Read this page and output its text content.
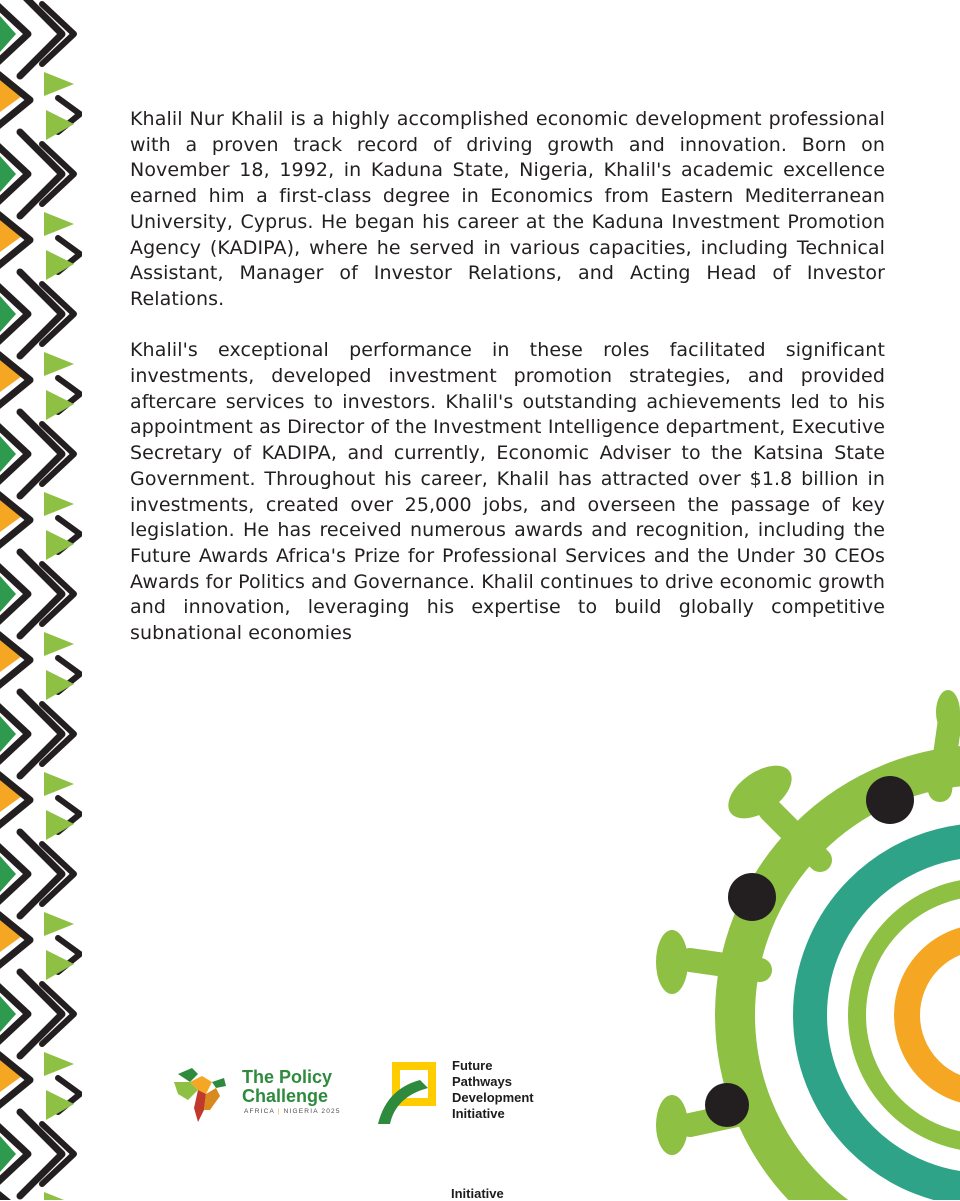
Khalil Nur Khalil is a highly accomplished economic development professional with a proven track record of driving growth and innovation. Born on November 18, 1992, in Kaduna State, Nigeria, Khalil's academic excellence earned him a first-class degree in Economics from Eastern Mediterranean University, Cyprus. He began his career at the Kaduna Investment Promotion Agency (KADIPA), where he served in various capacities, including Technical Assistant, Manager of Investor Relations, and Acting Head of Investor Relations.

Khalil's exceptional performance in these roles facilitated significant investments, developed investment promotion strategies, and provided aftercare services to investors. Khalil's outstanding achievements led to his appointment as Director of the Investment Intelligence department, Executive Secretary of KADIPA, and currently, Economic Adviser to the Katsina State Government. Throughout his career, Khalil has attracted over $1.8 billion in investments, created over 25,000 jobs, and overseen the passage of key legislation. He has received numerous awards and recognition, including the Future Awards Africa's Prize for Professional Services and the Under 30 CEOs Awards for Politics and Governance. Khalil continues to drive economic growth and innovation, leveraging his expertise to build globally competitive subnational economies

The Policy Challenge
AFRICA | NIGERIA 2025
Future
Pathways
Development
Initiative
Initiative
